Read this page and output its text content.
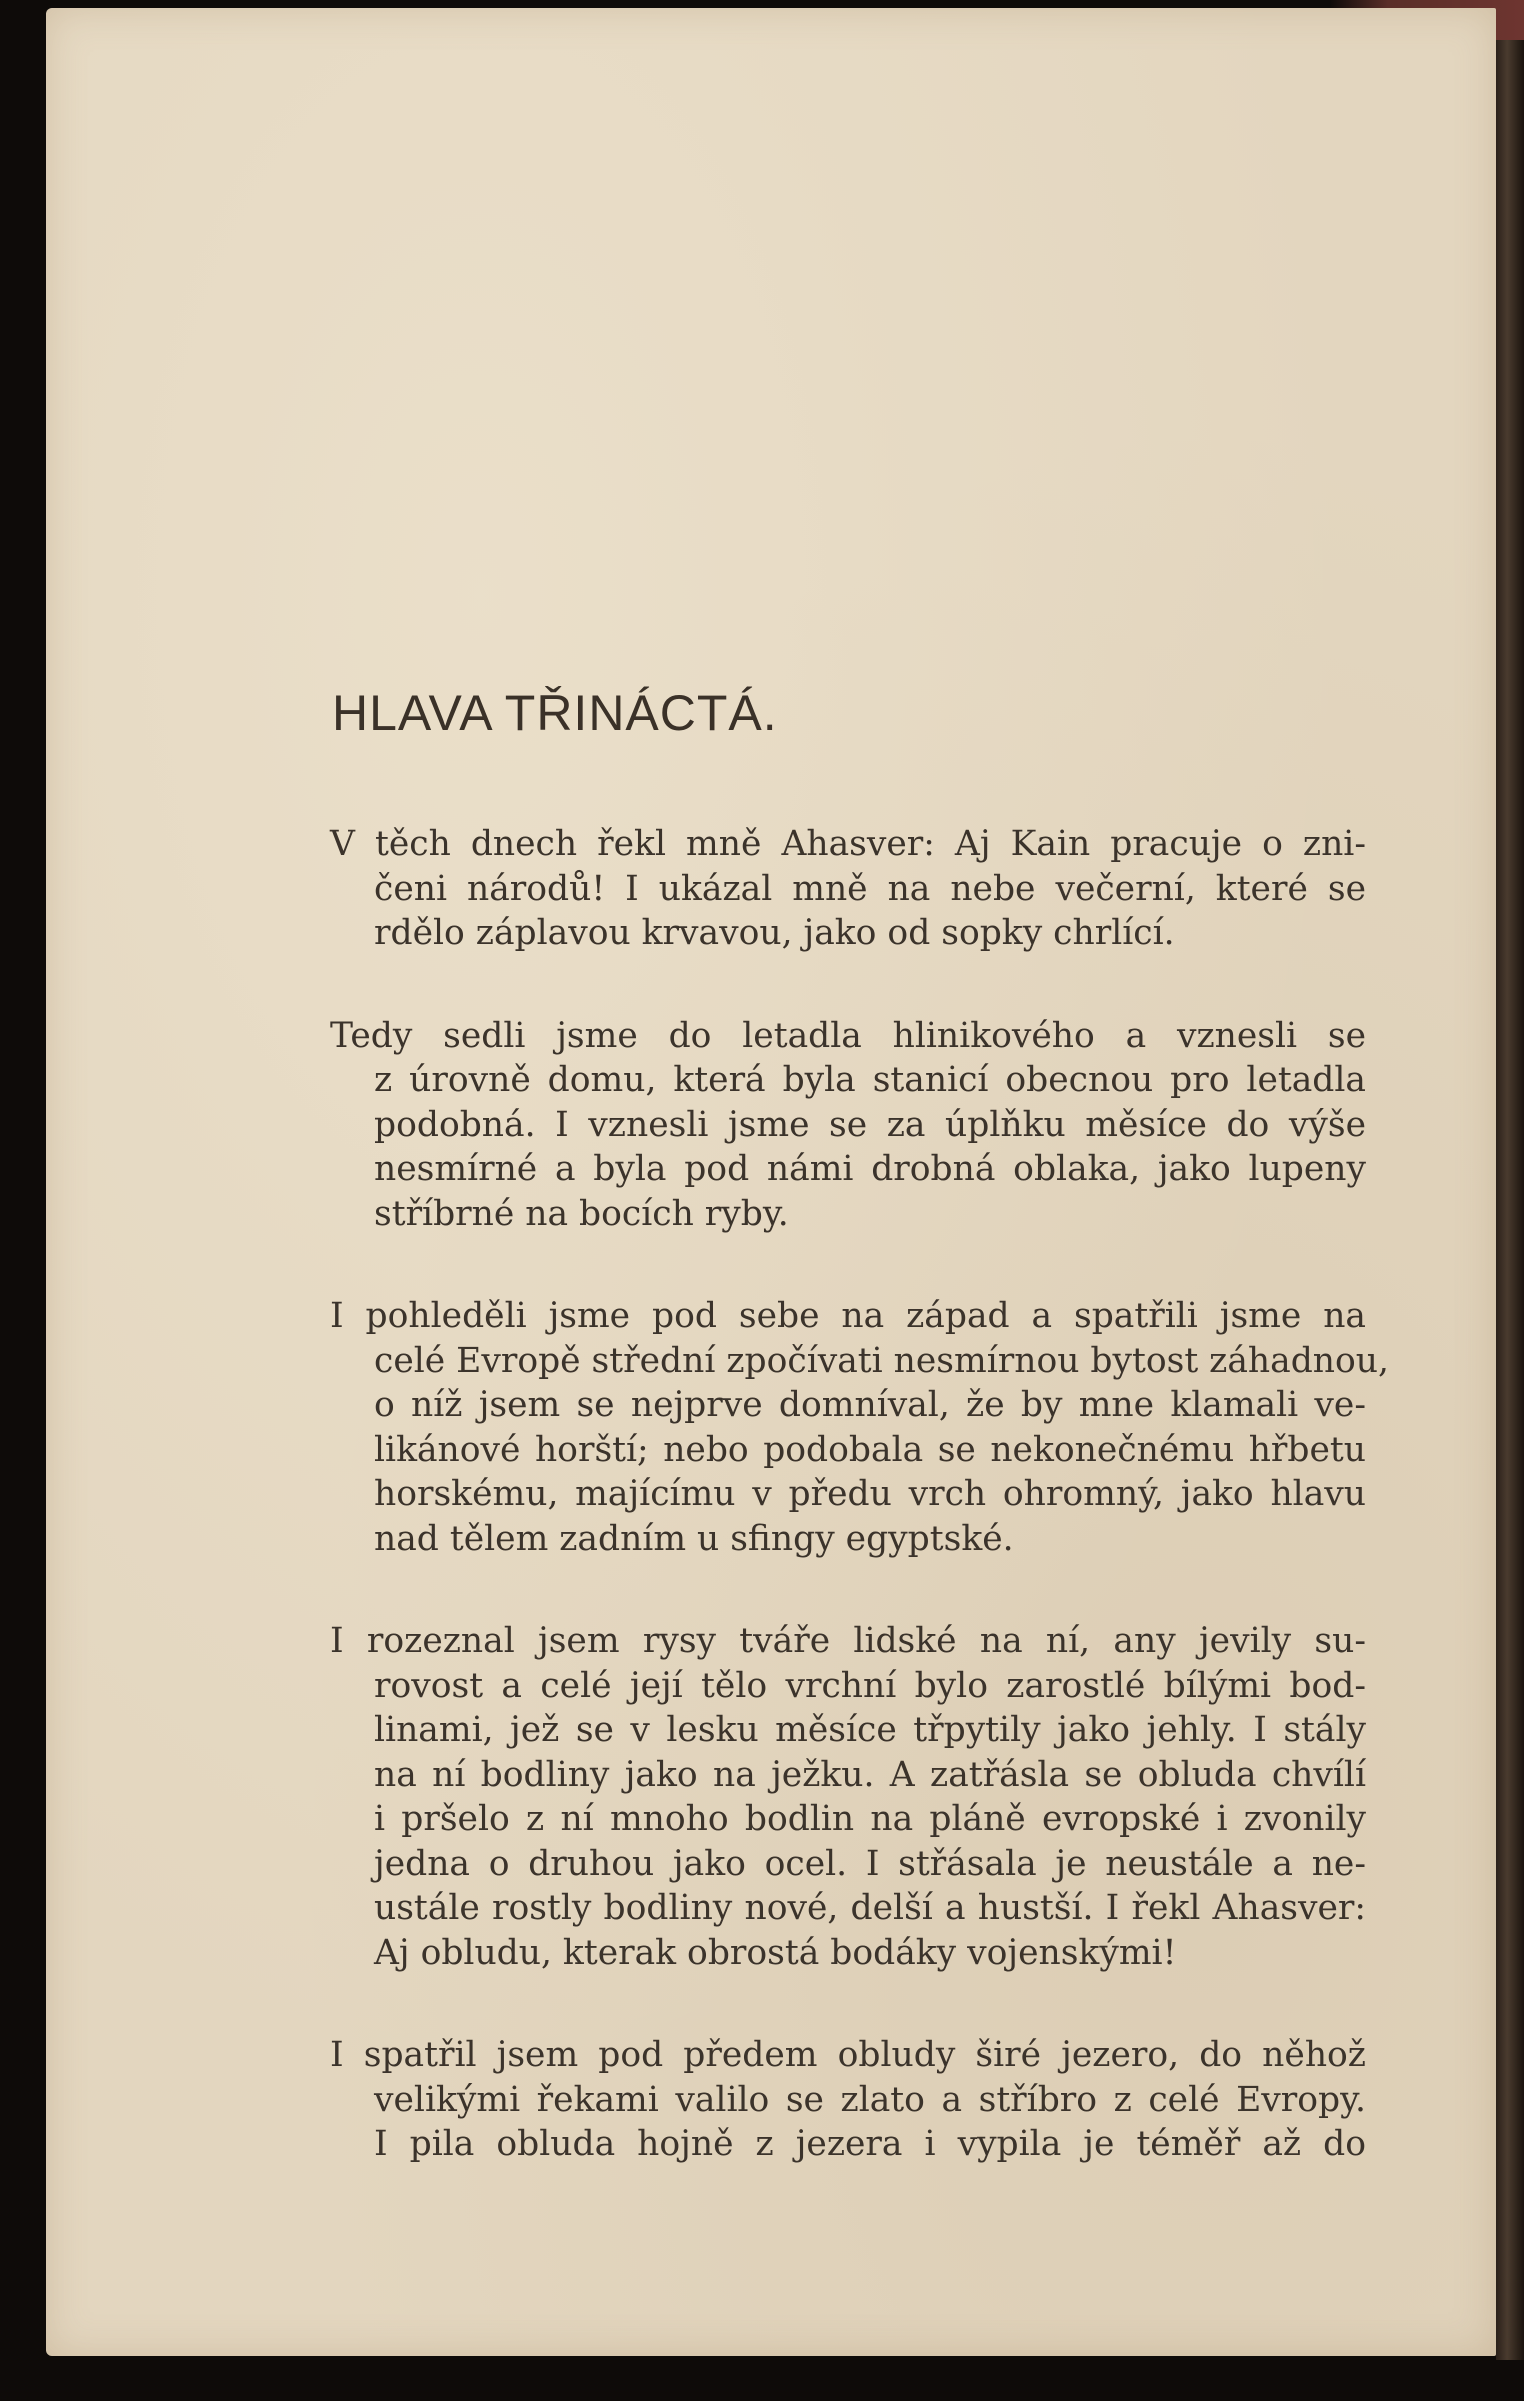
HLAVA TŘINÁCTÁ.

V těch dnech řekl mně Ahasver: Aj Kain pracuje o zni-
čeni národů! I ukázal mně na nebe večerní, které se
rdělo záplavou krvavou, jako od sopky chrlící.

Tedy sedli jsme do letadla hlinikového a vznesli se
z úrovně domu, která byla stanicí obecnou pro letadla
podobná. I vznesli jsme se za úplňku měsíce do výše
nesmírné a byla pod námi drobná oblaka, jako lupeny
stříbrné na bocích ryby.

I pohleděli jsme pod sebe na západ a spatřili jsme na
celé Evropě střední zpočívati nesmírnou bytost záhadnou,
o níž jsem se nejprve domníval, že by mne klamali ve-
likánové horští; nebo podobala se nekonečnému hřbetu
horskému, majícímu v předu vrch ohromný, jako hlavu
nad tělem zadním u sfingy egyptské.

I rozeznal jsem rysy tváře lidské na ní, any jevily su-
rovost a celé její tělo vrchní bylo zarostlé bílými bod-
linami, jež se v lesku měsíce třpytily jako jehly. I stály
na ní bodliny jako na ježku. A zatřásla se obluda chvílí
i pršelo z ní mnoho bodlin na pláně evropské i zvonily
jedna o druhou jako ocel. I střásala je neustále a ne-
ustále rostly bodliny nové, delší a hustší. I řekl Ahasver:
Aj obludu, kterak obrostá bodáky vojenskými!

I spatřil jsem pod předem obludy širé jezero, do něhož
velikými řekami valilo se zlato a stříbro z celé Evropy.
I pila obluda hojně z jezera i vypila je téměř až do
